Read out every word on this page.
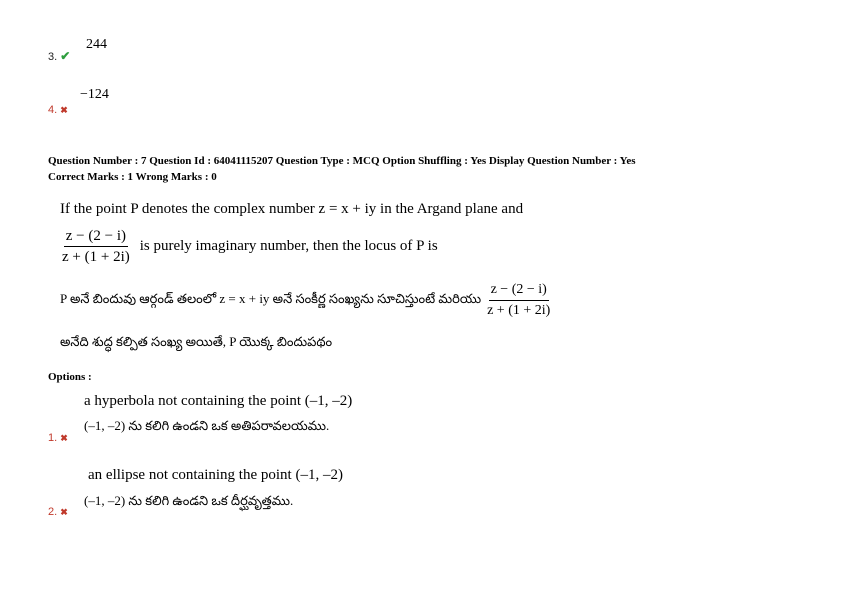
244
3. ✔
−124
4. ✖
Question Number : 7 Question Id : 64041115207 Question Type : MCQ Option Shuffling : Yes Display Question Number : Yes
Correct Marks : 1 Wrong Marks : 0
If the point P denotes the complex number z = x + iy in the Argand plane and
$\frac{z - (2 - i)}{z + (1 + 2i)}$ is purely imaginary number, then the locus of P is
P అనే బిందువు ఆర్గండ్ తలంలో z = x + iy అనే సంకీర్ణ సంఖ్యను సూచిస్తుంటే మరియు $\frac{z - (2 - i)}{z + (1 + 2i)}$
అనేది శుద్ధ కల్పిత సంఖ్య అయితే, P యొక్క బిందుపథం
Options :
a hyperbola not containing the point (–1, –2)
(–1, –2) ను కలిగి ఉండని ఒక అతిపరావలయము.
1. ✖
an ellipse not containing the point (–1, –2)
(–1, –2) ను కలిగి ఉండని ఒక దీర్ఘవృత్తము.
2. ✖
